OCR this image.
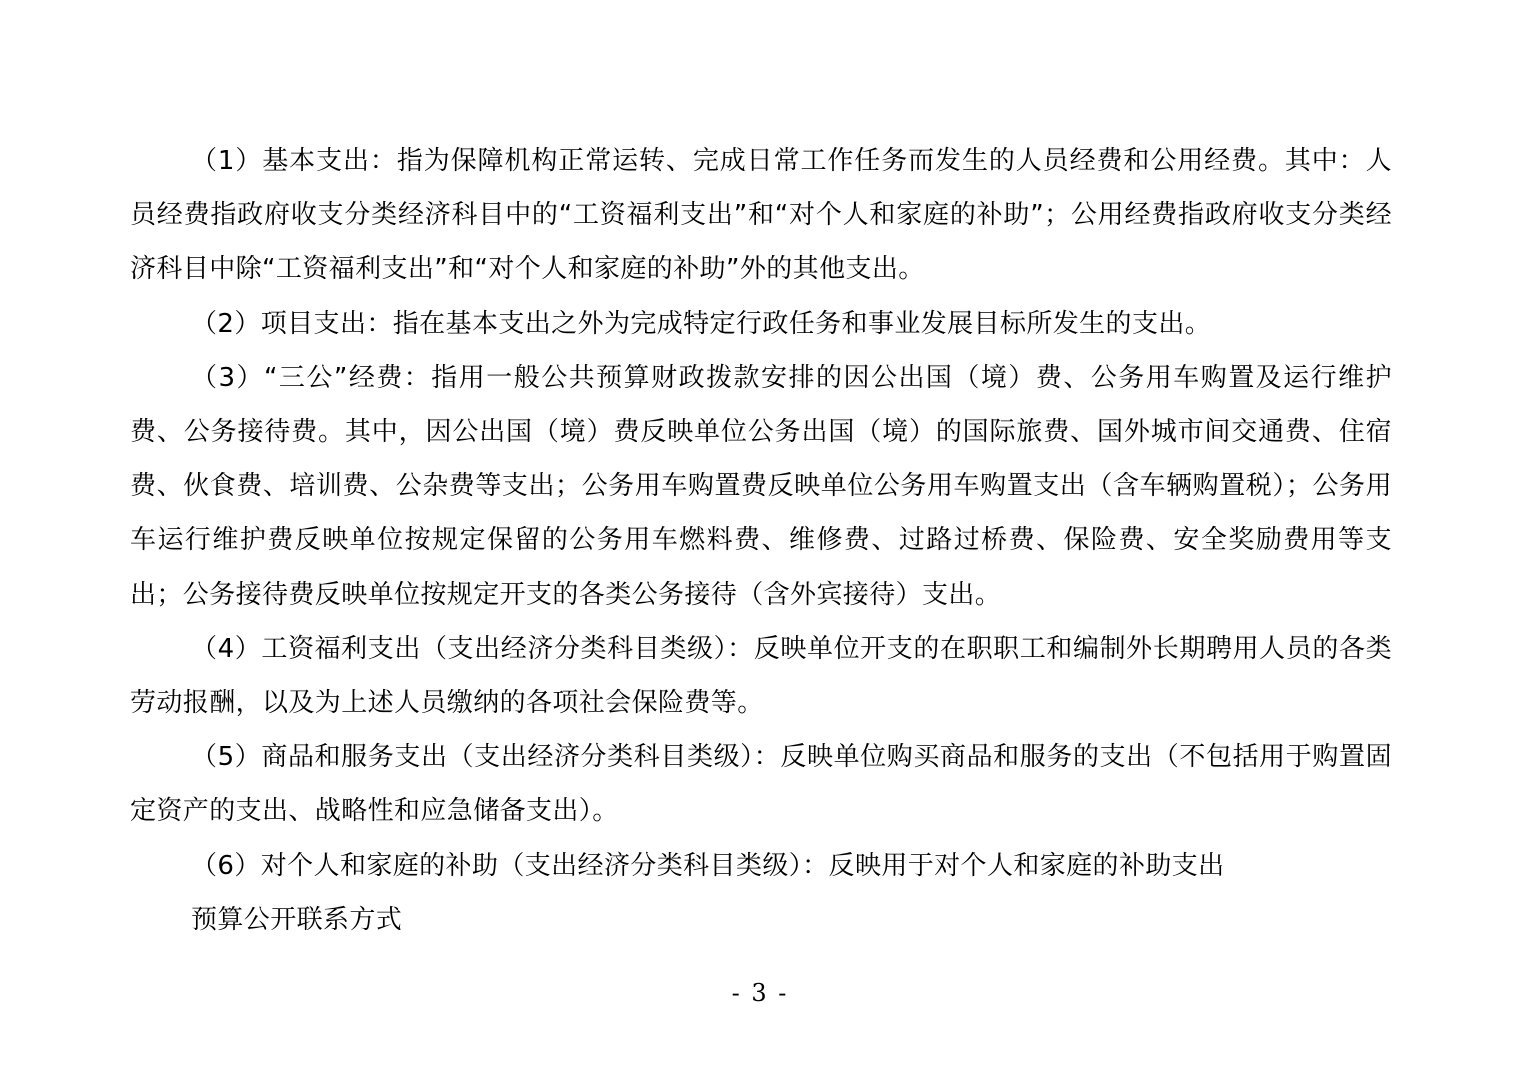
（1）基本支出：指为保障机构正常运转、完成日常工作任务而发生的人员经费和公用经费。其中：人员经费指政府收支分类经济科目中的“工资福利支出”和“对个人和家庭的补助”；公用经费指政府收支分类经济科目中除“工资福利支出”和“对个人和家庭的补助”外的其他支出。

（2）项目支出：指在基本支出之外为完成特定行政任务和事业发展目标所发生的支出。

（3）“三公”经费：指用一般公共预算财政拨款安排的因公出国（境）费、公务用车购置及运行维护费、公务接待费。其中，因公出国（境）费反映单位公务出国（境）的国际旅费、国外城市间交通费、住宿费、伙食费、培训费、公杂费等支出；公务用车购置费反映单位公务用车购置支出（含车辆购置税）；公务用车运行维护费反映单位按规定保留的公务用车燃料费、维修费、过路过桥费、保险费、安全奖励费用等支出；公务接待费反映单位按规定开支的各类公务接待（含外宾接待）支出。

（4）工资福利支出（支出经济分类科目类级）：反映单位开支的在职职工和编制外长期聘用人员的各类劳动报酬，以及为上述人员缴纳的各项社会保险费等。

（5）商品和服务支出（支出经济分类科目类级）：反映单位购买商品和服务的支出（不包括用于购置固定资产的支出、战略性和应急储备支出）。

（6）对个人和家庭的补助（支出经济分类科目类级）：反映用于对个人和家庭的补助支出

预算公开联系方式

- 3 -
